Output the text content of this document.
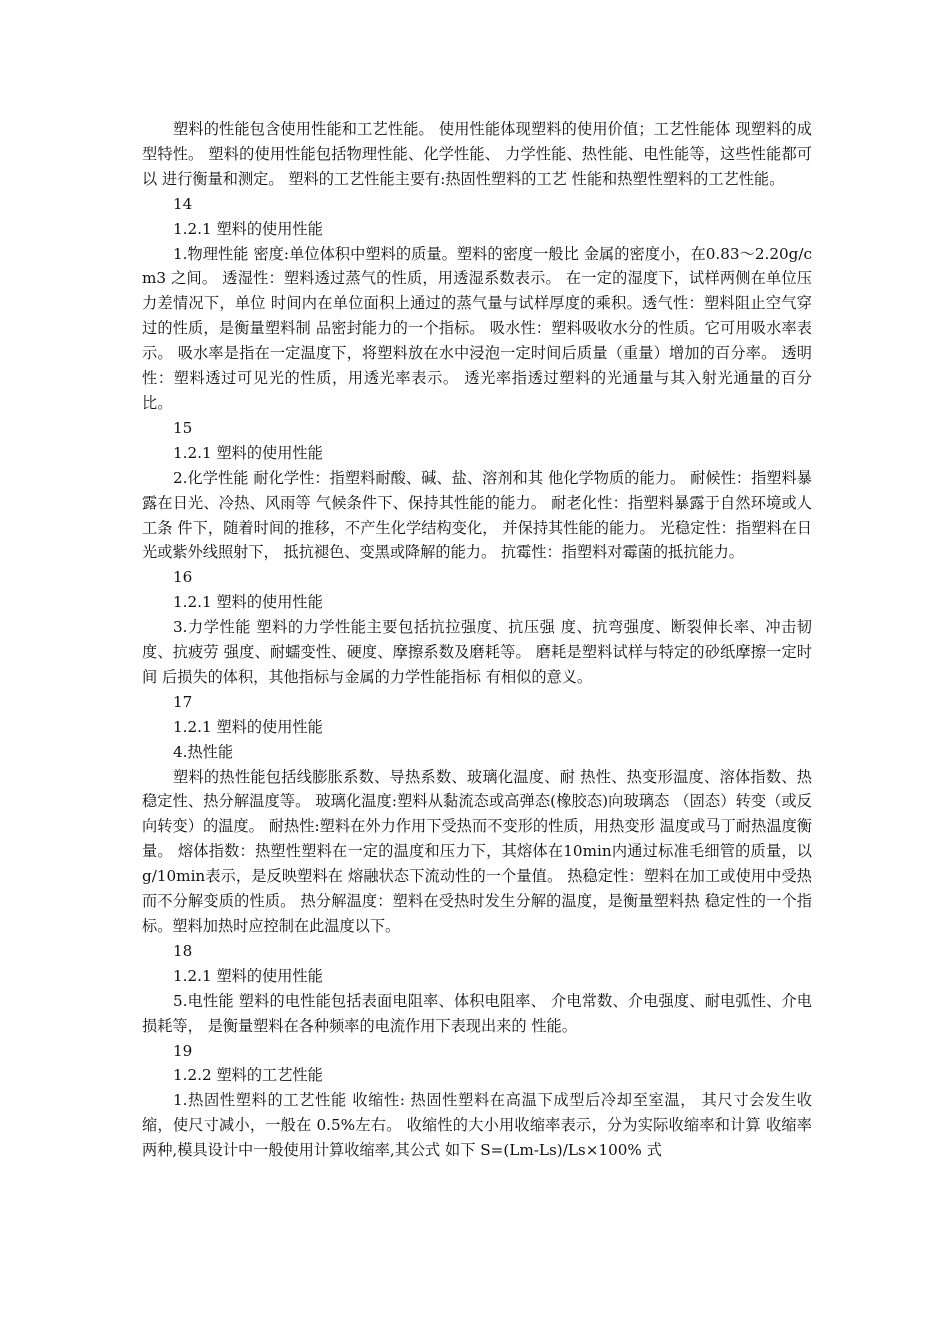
塑料的性能包含使用性能和工艺性能。 使用性能体现塑料的使用价值；工艺性能体 现塑料的成型特性。 塑料的使用性能包括物理性能、化学性能、 力学性能、热性能、电性能等，这些性能都可以 进行衡量和测定。 塑料的工艺性能主要有:热固性塑料的工艺 性能和热塑性塑料的工艺性能。

14

1.2.1 塑料的使用性能

1.物理性能 密度:单位体积中塑料的质量。塑料的密度一般比 金属的密度小，在0.83～2.20g/cm3 之间。 透湿性：塑料透过蒸气的性质，用透湿系数表示。 在一定的湿度下，试样两侧在单位压力差情况下，单位 时间内在单位面积上通过的蒸气量与试样厚度的乘积。透气性：塑料阻止空气穿过的性质，是衡量塑料制 品密封能力的一个指标。 吸水性：塑料吸收水分的性质。它可用吸水率表示。 吸水率是指在一定温度下，将塑料放在水中浸泡一定时间后质量（重量）增加的百分率。 透明性：塑料透过可见光的性质，用透光率表示。 透光率指透过塑料的光通量与其入射光通量的百分比。

15

1.2.1 塑料的使用性能

2.化学性能 耐化学性：指塑料耐酸、碱、盐、溶剂和其 他化学物质的能力。 耐候性：指塑料暴露在日光、冷热、风雨等 气候条件下、保持其性能的能力。 耐老化性：指塑料暴露于自然环境或人工条 件下，随着时间的推移，不产生化学结构变化， 并保持其性能的能力。 光稳定性：指塑料在日光或紫外线照射下， 抵抗褪色、变黑或降解的能力。 抗霉性：指塑料对霉菌的抵抗能力。

16

1.2.1 塑料的使用性能

3.力学性能 塑料的力学性能主要包括抗拉强度、抗压强 度、抗弯强度、断裂伸长率、冲击韧度、抗疲劳 强度、耐蠕变性、硬度、摩擦系数及磨耗等。 磨耗是塑料试样与特定的砂纸摩擦一定时间 后损失的体积，其他指标与金属的力学性能指标 有相似的意义。

17

1.2.1 塑料的使用性能

4.热性能

塑料的热性能包括线膨胀系数、导热系数、玻璃化温度、耐 热性、热变形温度、溶体指数、热稳定性、热分解温度等。 玻璃化温度:塑料从黏流态或高弹态(橡胶态)向玻璃态 （固态）转变（或反向转变）的温度。 耐热性:塑料在外力作用下受热而不变形的性质，用热变形 温度或马丁耐热温度衡量。 熔体指数：热塑性塑料在一定的温度和压力下，其熔体在10min内通过标准毛细管的质量，以g/10min表示，是反映塑料在 熔融状态下流动性的一个量值。 热稳定性：塑料在加工或使用中受热而不分解变质的性质。 热分解温度：塑料在受热时发生分解的温度，是衡量塑料热 稳定性的一个指标。塑料加热时应控制在此温度以下。

18

1.2.1 塑料的使用性能

5.电性能 塑料的电性能包括表面电阻率、体积电阻率、 介电常数、介电强度、耐电弧性、介电损耗等， 是衡量塑料在各种频率的电流作用下表现出来的 性能。

19

1.2.2 塑料的工艺性能

1.热固性塑料的工艺性能 收缩性: 热固性塑料在高温下成型后冷却至室温， 其尺寸会发生收缩，使尺寸减小，一般在 0.5%左右。 收缩性的大小用收缩率表示，分为实际收缩率和计算 收缩率两种,模具设计中一般使用计算收缩率,其公式 如下 S=(Lm-Ls)/Ls×100% 式
